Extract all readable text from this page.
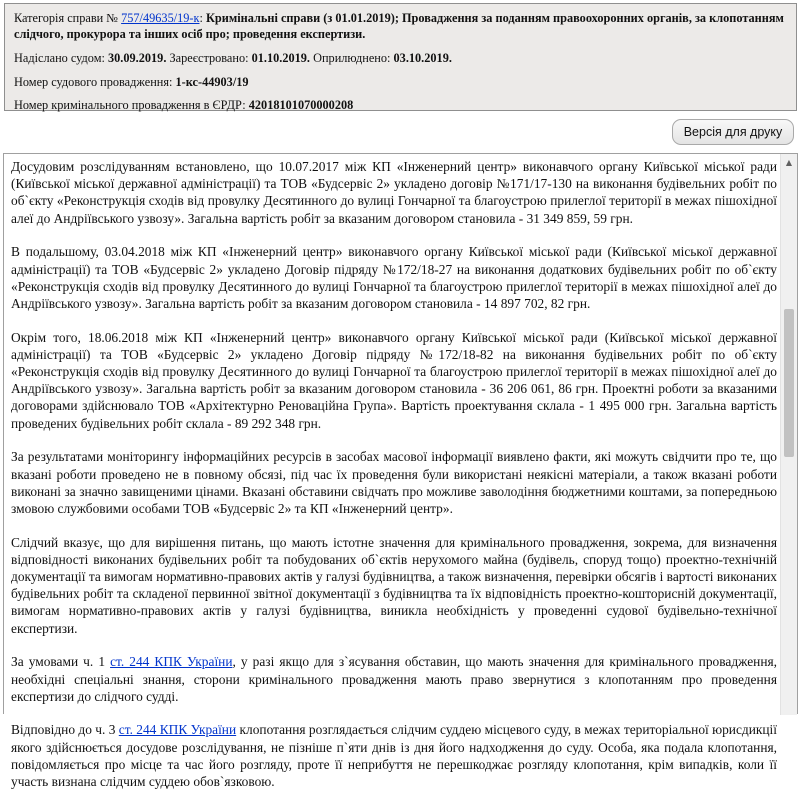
Категорія справи № 757/49635/19-к: Кримінальні справи (з 01.01.2019); Провадження за поданням правоохоронних органів, за клопотанням слідчого, прокурора та інших осіб про; проведення експертизи.

Надіслано судом: 30.09.2019. Зареєстровано: 01.10.2019. Оприлюднено: 03.10.2019.

Номер судового провадження: 1-кс-44903/19

Номер кримінального провадження в ЄРДР: 42018101070000208

Версія для друку

Досудовим розслідуванням встановлено, що 10.07.2017 між КП «Інженерний центр» виконавчого органу Київської міської ради (Київської міської державної адміністрації) та ТОВ «Будсервіс 2» укладено договір №171/17-130 на виконання будівельних робіт по об`єкту «Реконструкція сходів від провулку Десятинного до вулиці Гончарної та благоустрою прилеглої території в межах пішохідної алеї до Андріївського узвозу». Загальна вартість робіт за вказаним договором становила - 31 349 859, 59 грн.

В подальшому, 03.04.2018 між КП «Інженерний центр» виконавчого органу Київської міської ради (Київської міської державної адміністрації) та ТОВ «Будсервіс 2» укладено Договір підряду №172/18-27 на виконання додаткових будівельних робіт по об`єкту «Реконструкція сходів від провулку Десятинного до вулиці Гончарної та благоустрою прилеглої території в межах пішохідної алеї до Андріївського узвозу». Загальна вартість робіт за вказаним договором становила - 14 897 702, 82 грн.

Окрім того, 18.06.2018 між КП «Інженерний центр» виконавчого органу Київської міської ради (Київської міської державної адміністрації) та ТОВ «Будсервіс 2» укладено Договір підряду №172/18-82 на виконання будівельних робіт по об`єкту «Реконструкція сходів від провулку Десятинного до вулиці Гончарної та благоустрою прилеглої території в межах пішохідної алеї до Андріївського узвозу». Загальна вартість робіт за вказаним договором становила - 36 206 061, 86 грн. Проектні роботи за вказаними договорами здійснювало ТОВ «Архітектурно Реноваційна Група». Вартість проектування склала - 1 495 000 грн. Загальна вартість проведених будівельних робіт склала - 89 292 348 грн.

За результатами моніторингу інформаційних ресурсів в засобах масової інформації виявлено факти, які можуть свідчити про те, що вказані роботи проведено не в повному обсязі, під час їх проведення були використані неякісні матеріали, а також вказані роботи виконані за значно завищеними цінами. Вказані обставини свідчать про можливе заволодіння бюджетними коштами, за попередньою змовою службовими особами ТОВ «Будсервіс 2» та КП «Інженерний центр».

Слідчий вказує, що для вирішення питань, що мають істотне значення для кримінального провадження, зокрема, для визначення відповідності виконаних будівельних робіт та побудованих об`єктів нерухомого майна (будівель, споруд тощо) проектно-технічній документації та вимогам нормативно-правових актів у галузі будівництва, а також визначення, перевірки обсягів і вартості виконаних будівельних робіт та складеної первинної звітної документації з будівництва та їх відповідність проектно-кошторисній документації, вимогам нормативно-правових актів у галузі будівництва, виникла необхідність у проведенні судової будівельно-технічної експертизи.

За умовами ч. 1 ст. 244 КПК України, у разі якщо для з`ясування обставин, що мають значення для кримінального провадження, необхідні спеціальні знання, сторони кримінального провадження мають право звернутися з клопотанням про проведення експертизи до слідчого судді.

Відповідно до ч. 3 ст. 244 КПК України клопотання розглядається слідчим суддею місцевого суду, в межах територіальної юрисдикції якого здійснюється досудове розслідування, не пізніше п`яти днів із дня його надходження до суду. Особа, яка подала клопотання, повідомляється про місце та час його розгляду, проте її неприбуття не перешкоджає розгляду клопотання, крім випадків, коли її участь визнана слідчим суддею обов`язковою.

▲
